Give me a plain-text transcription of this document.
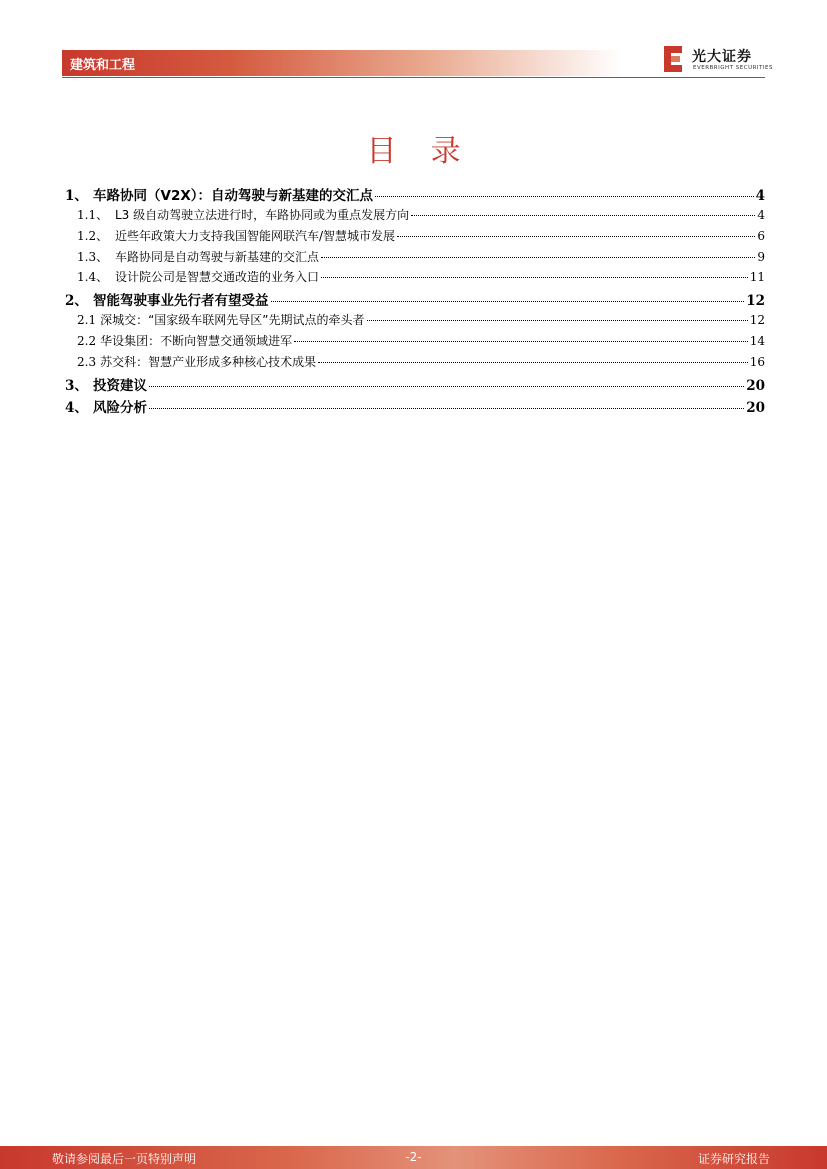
建筑和工程
光大证券
EVERBRIGHT SECURITIES
目录
1、 车路协同（V2X）：自动驾驶与新基建的交汇点	4
1.1、 L3 级自动驾驶立法进行时，车路协同或为重点发展方向	4
1.2、 近些年政策大力支持我国智能网联汽车/智慧城市发展	6
1.3、 车路协同是自动驾驶与新基建的交汇点	9
1.4、 设计院公司是智慧交通改造的业务入口	11
2、 智能驾驶事业先行者有望受益	12
2.1 深城交：“国家级车联网先导区”先期试点的牵头者	12
2.2 华设集团：不断向智慧交通领域进军	14
2.3 苏交科：智慧产业形成多种核心技术成果	16
3、 投资建议	20
4、 风险分析	20
敬请参阅最后一页特别声明	-2-	证券研究报告
